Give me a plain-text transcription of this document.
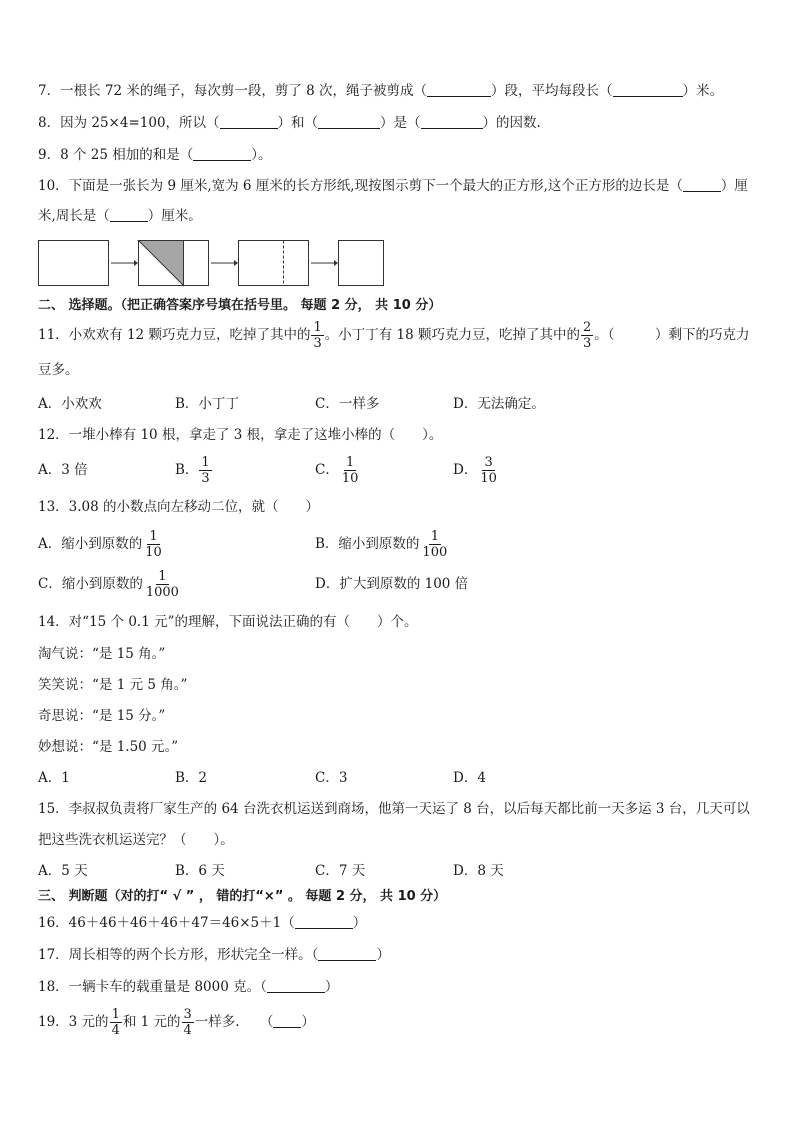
7．一根长 72 米的绳子，每次剪一段，剪了 8 次，绳子被剪成（	）段，平均每段长（	）米。
8．因为 25×4=100，所以（	）和（	）是（	）的因数.
9．8 个 25 相加的和是（	）。
10．下面是一张长为 9 厘米,宽为 6 厘米的长方形纸,现按图示剪下一个最大的正方形,这个正方形的边长是（	）厘
米,周长是（	）厘米。
二、 选择题。（把正确答案序号填在括号里。 每题 2 分， 共 10 分）
11．小欢欢有 12 颗巧克力豆，吃掉了其中的 $\frac{1}{3}$ 。小丁丁有 18 颗巧克力豆，吃掉了其中的 $\frac{2}{3}$ 。（　　　）剩下的巧克力
豆多。
A．小欢欢	B．小丁丁	C．一样多	D．无法确定。
12．一堆小棒有 10 根，拿走了 3 根，拿走了这堆小棒的（　　）。
A．3 倍	B． $\frac{1}{3}$	C． $\frac{1}{10}$	D． $\frac{3}{10}$
13．3.08 的小数点向左移动二位，就（　　）
A．缩小到原数的 $\frac{1}{10}$	B．缩小到原数的 $\frac{1}{100}$
C．缩小到原数的 $\frac{1}{1000}$	D．扩大到原数的 100 倍
14．对“15 个 0.1 元”的理解，下面说法正确的有（　　）个。
淘气说：“是 15 角。”
笑笑说：“是 1 元 5 角。”
奇思说：“是 15 分。”
妙想说：“是 1.50 元。”
A．1	B．2	C．3	D．4
15．李叔叔负责将厂家生产的 64 台洗衣机运送到商场，他第一天运了 8 台，以后每天都比前一天多运 3 台，几天可以
把这些洗衣机运送完？（　　）。
A．5 天	B．6 天	C．7 天	D．8 天
三、 判断题（对的打“ √ ” ， 错的打“×” 。 每题 2 分， 共 10 分）
16．46＋46＋46＋46＋47＝46×5＋1（	）
17．周长相等的两个长方形，形状完全一样。（	）
18．一辆卡车的载重量是 8000 克。（	）
19．3 元的 $\frac{1}{4}$ 和 1 元的 $\frac{3}{4}$ 一样多.　　（ ）
